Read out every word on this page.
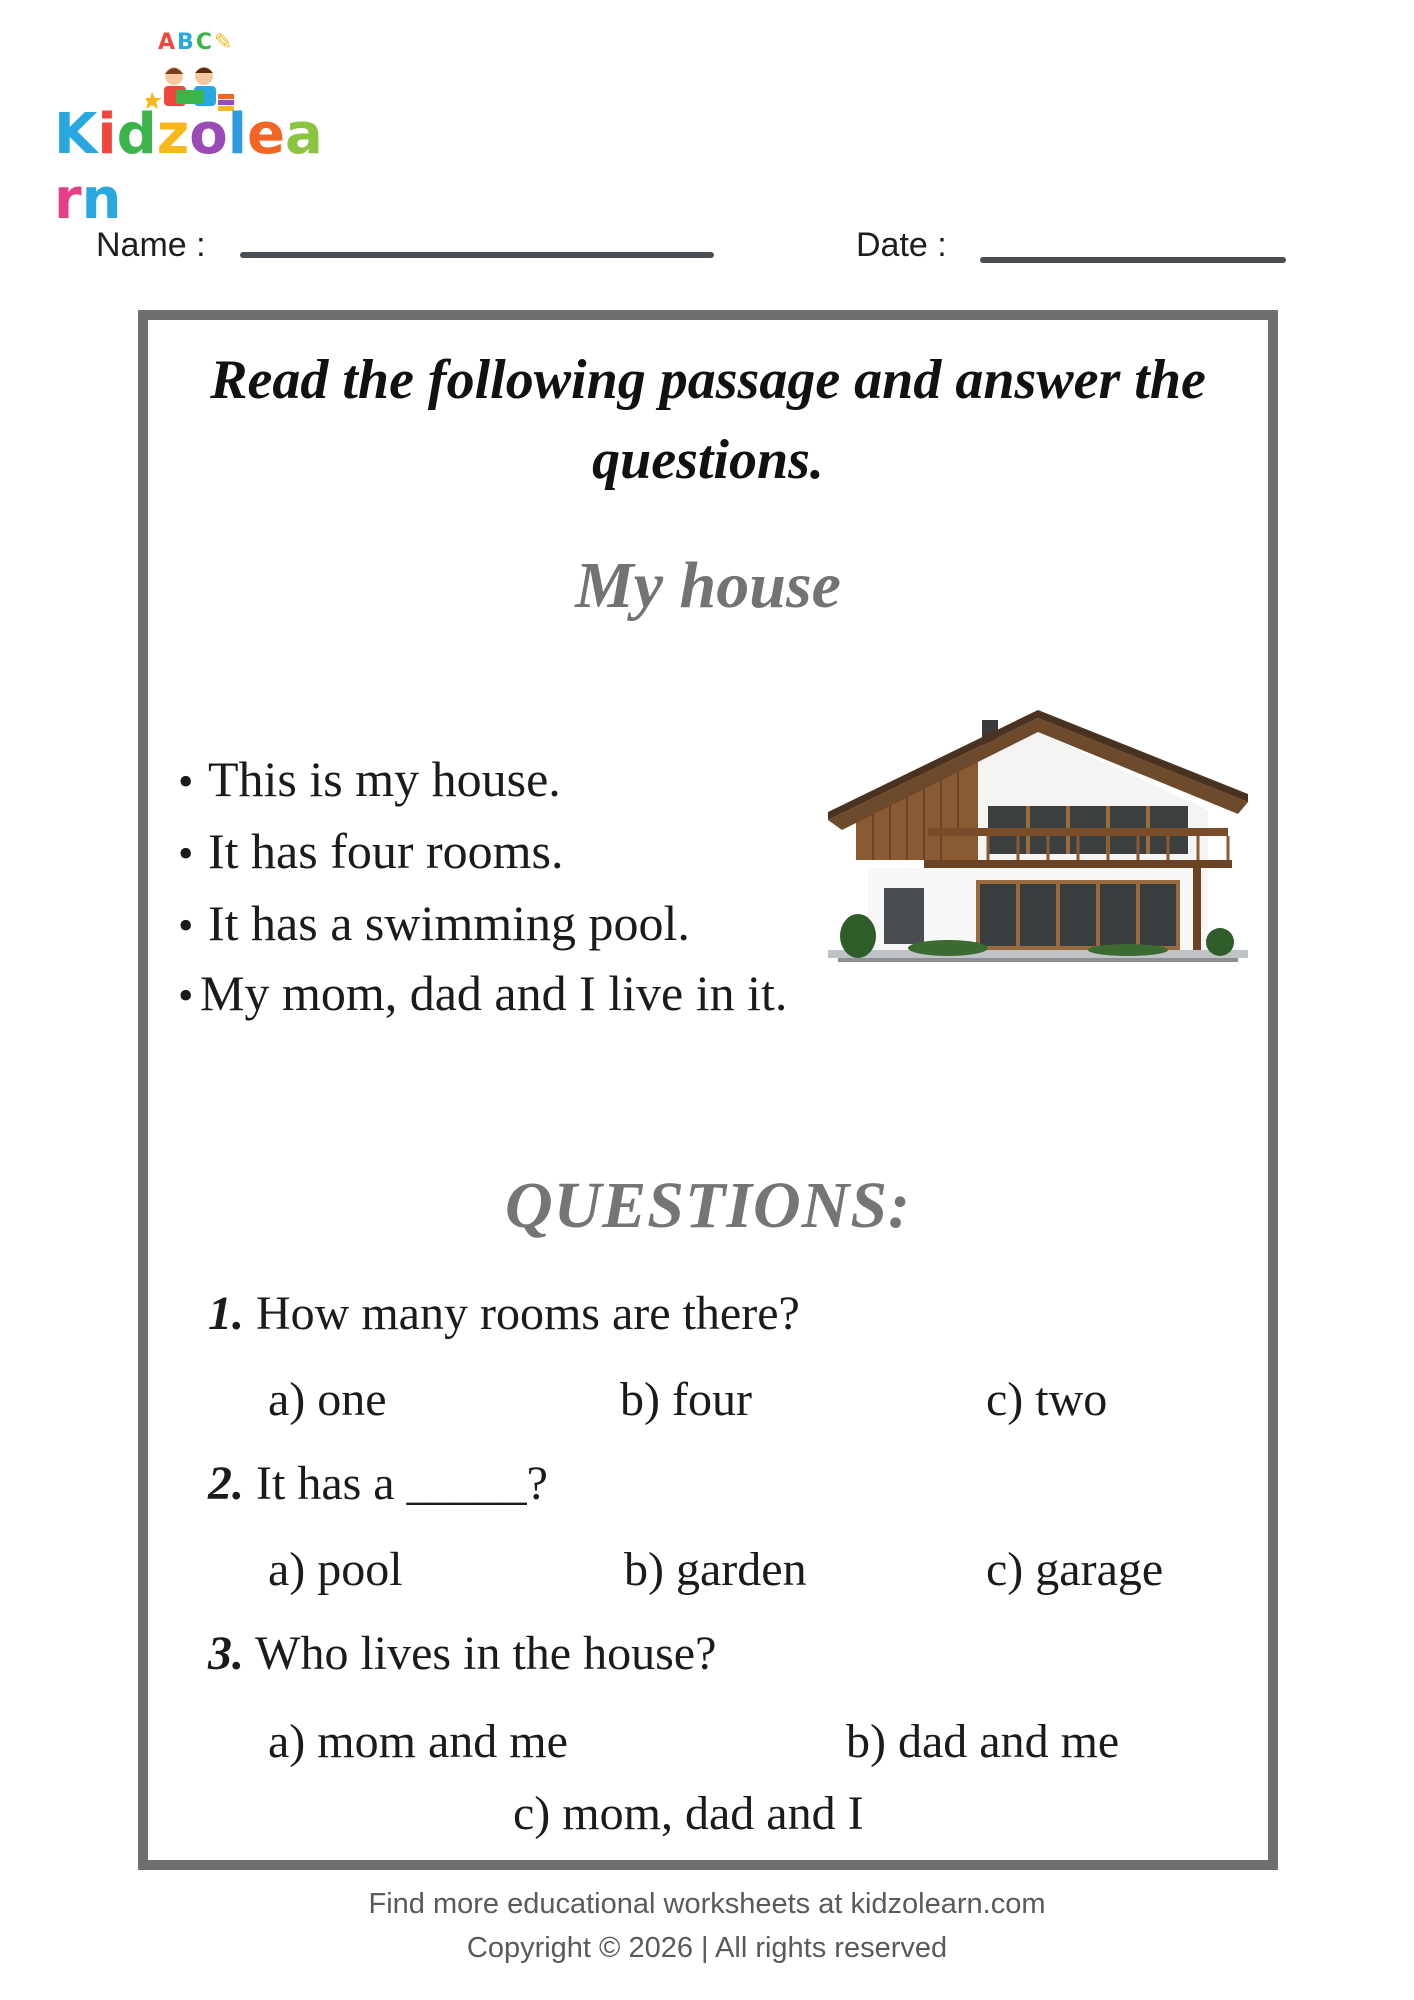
ABC✎
Kidzolearn
Name :	Date :
Read the following passage and answer the questions.
My house
• This is my house.
• It has four rooms.
• It has a swimming pool.
• My mom, dad and I live in it.
QUESTIONS:
1. How many rooms are there?
a) one	b) four	c) two
2. It has a _____?
a) pool	b) garden	c) garage
3. Who lives in the house?
a) mom and me	b) dad and me
c) mom, dad and I
Find more educational worksheets at kidzolearn.com
Copyright © 2026 | All rights reserved
